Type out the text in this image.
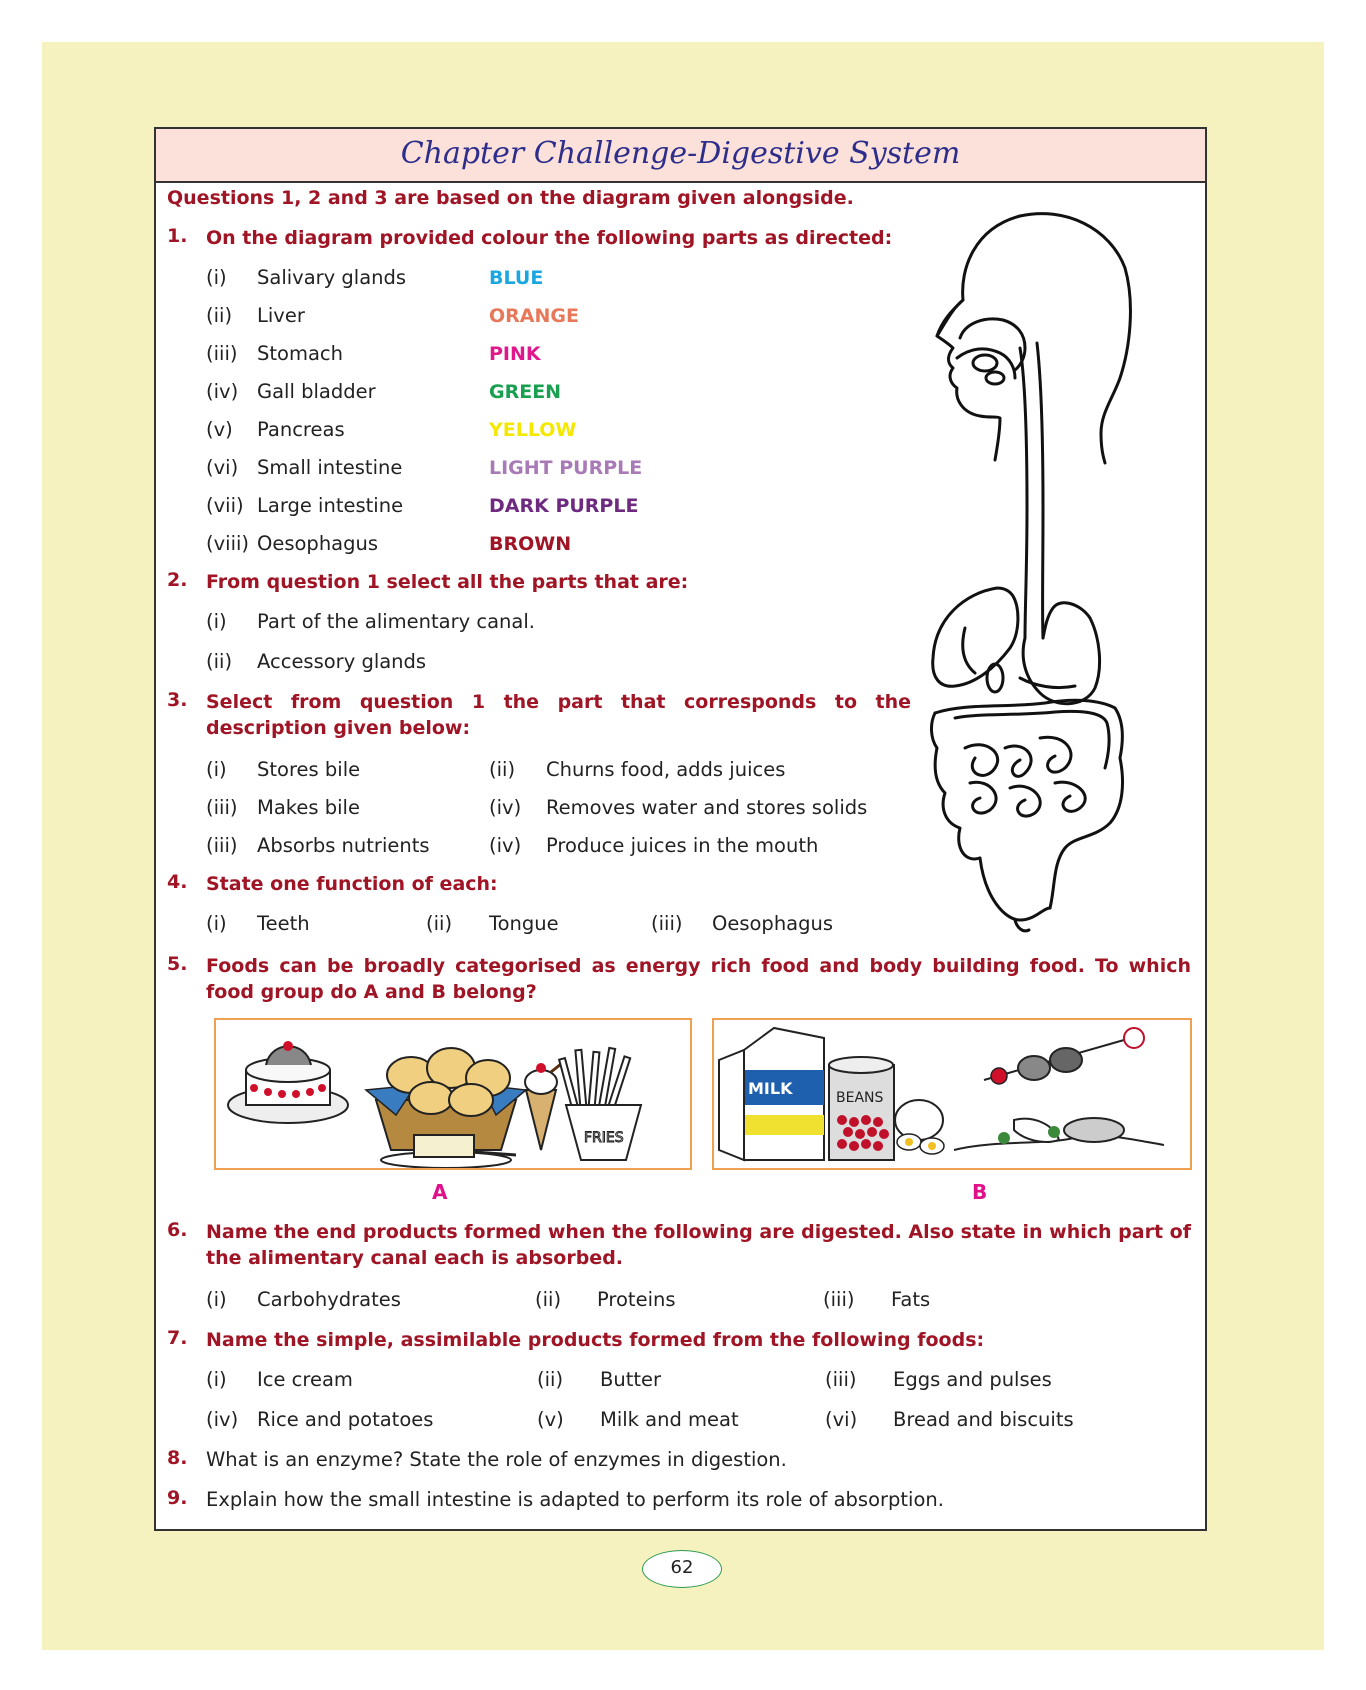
Chapter Challenge-Digestive System
Questions 1, 2 and 3 are based on the diagram given alongside.
1. On the diagram provided colour the following parts as directed:
(i) Salivary glands	BLUE
(ii) Liver	ORANGE
(iii) Stomach	PINK
(iv) Gall bladder	GREEN
(v) Pancreas	YELLOW
(vi) Small intestine	LIGHT PURPLE
(vii) Large intestine	DARK PURPLE
(viii) Oesophagus	BROWN
2. From question 1 select all the parts that are:
(i) Part of the alimentary canal.
(ii) Accessory glands
3. Select from question 1 the part that corresponds to the description given below:
(i) Stores bile	(ii) Churns food, adds juices
(iii) Makes bile	(iv) Removes water and stores solids
(iii) Absorbs nutrients	(iv) Produce juices in the mouth
4. State one function of each:
(i) Teeth	(ii) Tongue	(iii) Oesophagus
5. Foods can be broadly categorised as energy rich food and body building food. To which food group do A and B belong?
FRIES
MILK	BEANS
A	B
6. Name the end products formed when the following are digested. Also state in which part of the alimentary canal each is absorbed.
(i) Carbohydrates	(ii) Proteins	(iii) Fats
7. Name the simple, assimilable products formed from the following foods:
(i) Ice cream	(ii) Butter	(iii) Eggs and pulses
(iv) Rice and potatoes	(v) Milk and meat	(vi) Bread and biscuits
8. What is an enzyme? State the role of enzymes in digestion.
9. Explain how the small intestine is adapted to perform its role of absorption.
62
